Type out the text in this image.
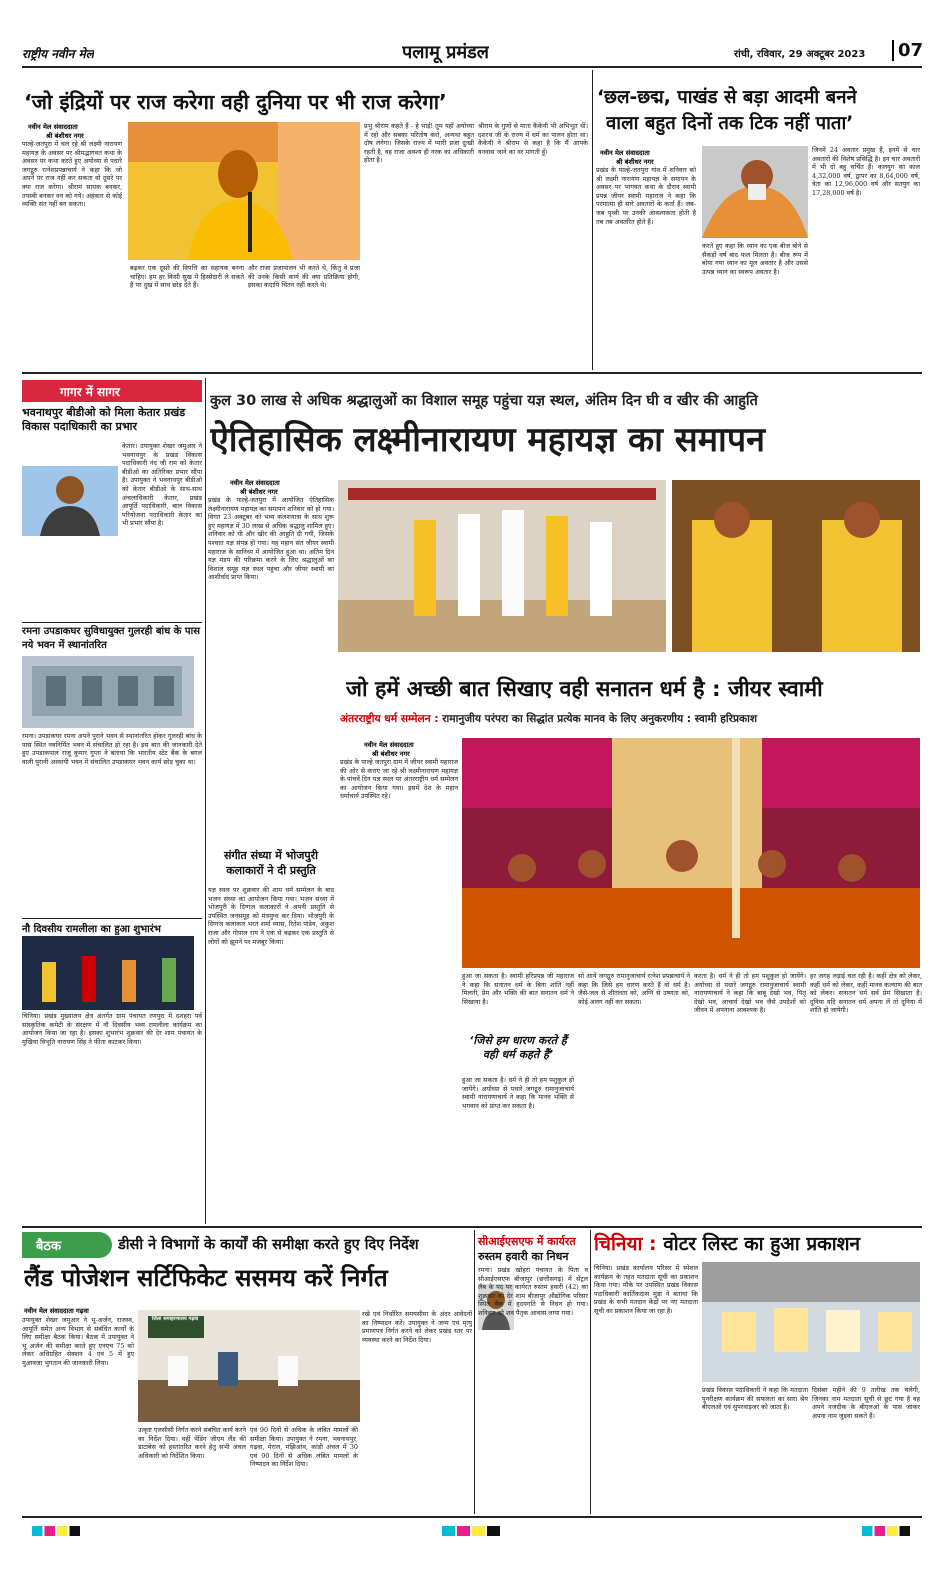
राष्ट्रीय नवीन मेल	पलामू प्रमंडल	रांची, रविवार, 29 अक्टूबर 2023	07
‘जो इंद्रियों पर राज करेगा वही दुनिया पर भी राज करेगा’
नवीन मेल संवाददाता
श्री बंशीधर नगर
पाल्हे-जतपुरा में चल रहे श्री लक्ष्मी नारायण महायज्ञ के अवसर पर श्रीमद्भागवत कथा के अवसर पर कथा करते हुए अयोध्या से पधारे जगद्गुरु रत्नेशप्रपन्नाचार्य ने कहा कि जो अपने पर राज नहीं कर सकता वो दूसरे पर क्या राज करेगा। श्रीराम साधक बनकर, तपस्वी बनकर वन को गये। अहंकार से कोई व्यक्ति संत नहीं बन सकता।
बढ़कर एक दूसरे की विपत्ति का सहायक बनना चाहिए। हम हर किसी सुख में हिस्सेदारी ले सकते हैं पर दुख में साथ छोड़ देते हैं।
और राजा प्रजापालन भी करते थे, किंतु वे प्रजा की उनके किसी कार्य की क्या प्रतिक्रिया होगी, इसका कदापि चिंतन नहीं करते थे।
प्रभु श्रीराम कहते हैं - हे भाई! तुम यहाँ अयोध्या में रहो और सबका परितोष करो, अन्यथा बहुत दोष लगेगा। जिसके राज्य में प्यारी प्रजा दुःखी रहती है, वह राजा अवश्य ही नरक का अधिकारी होता है।
श्रीराम के गुणों से माता कैकेयी भी अभिभूत थीं। दशरथ जी के राज्य में धर्म का पालन होता था। कैकेयी ने श्रीराम से कहा है कि मैं आपके वनवास जाने का वर मांगती हूँ।
‘छल-छद्म, पाखंड से बड़ा आदमी बनने
वाला बहुत दिनों तक टिक नहीं पाता’
नवीन मेल संवाददाता
श्री बंशीधर नगर
प्रखंड के पाल्हे-जतपुरा गांव में शनिवार को श्री लक्ष्मी नारायण महायज्ञ के समापन के अवसर पर भागवत कथा के दौरान स्वामी प्रपन्न जीयर स्वामी महाराज ने कहा कि परमात्मा ही सारे अवतारों के कर्ता हैं। जब-जब पृथ्वी पर उनकी आवश्यकता होती है तब तब अवतरित होते हैं।
करते हुए कहा कि ध्यान का एक बीज बोने से सैकड़ों वर्ष बाद फल मिलता है। बीज रूप में बोया गया ध्यान का मूल अवतार है और उससे उत्पन्न ध्यान का स्वरूप अवतार है।
जिनमें 24 अवतार प्रमुख हैं, इनमें से चार अवतारों की विशेष प्रसिद्धि है। इन चार अवतारों में भी दो बहु चर्चित हैं। कलयुग का काल 4,32,000 वर्ष, द्वापर का 8,64,000 वर्ष, त्रेता का 12,96,000 वर्ष और सतयुग का 17,28,000 वर्ष है।
गागर में सागर
भवनाथपुर बीडीओ को मिला केतार प्रखंड विकास पदाधिकारी का प्रभार
केतार। उपायुक्त शेखर जमुआर ने भवनाथपुर के प्रखंड विकास पदाधिकारी नंद जी राम को केतार बीडीओ का अतिरिक्त प्रभार सौंपा है। उपायुक्त ने भवनाथपुर बीडीओ को केतार बीडीओ के साथ-साथ अंचलाधिकारी केतार, प्रखंड आपूर्ति पदाधिकारी, बाल विकास परियोजना पदाधिकारी केतार का भी प्रभार सौंपा है।
रमना उपडाकघर सुविधायुक्त गुलरही बांध के पास नये भवन में स्थानांतरित
रमना। उपडाकघर रमना अपने पुराने भवन से स्थानांतरित होकर गुलरही बांध के पास स्थित नवनिर्मित भवन में संचालित हो रहा है। इस बात की जानकारी देते हुए उपडाकपाल राजू कुमार गुप्ता ने बताया कि भारतीय स्टेट बैंक के बगल वाली पुरानी अस्थायी भवन में संचालित उपडाकघर भवन कार्य छोड़ चुका था।
नौ दिवसीय रामलीला का हुआ शुभारंभ
चिनिया। प्रखंड मुख्यालय क्षेत्र अंतर्गत ग्राम पंचायत रणपुरा में दशहरा पर्व सांस्कृतिक कमेटी के संरक्षण में नौ दिवसीय भव्य रामलीला कार्यक्रम का आयोजन किया जा रहा है। इसका शुभारंभ शुक्रवार की देर शाम पंचायत के मुखिया विभूति नारायण सिंह ने फीता काटकर किया।
कुल 30 लाख से अधिक श्रद्धालुओं का विशाल समूह पहुंचा यज्ञ स्थल, अंतिम दिन घी व खीर की आहुति
ऐतिहासिक लक्ष्मीनारायण महायज्ञ का समापन
नवीन मेल संवाददाता
श्री बंशीधर नगर
प्रखंड के पाल्हे-जतपुरा में आयोजित ऐतिहासिक लक्ष्मीनारायण महायज्ञ का समापन शनिवार को हो गया। विगत 23 अक्टूबर को भव्य कलशयात्रा के साथ शुरू हुए महायज्ञ में 30 लाख से अधिक श्रद्धालु शामिल हुए। शनिवार को घी और खीर की आहुति दी गयी, जिसके पश्चात यज्ञ संपन्न हो गया। यह महान संत जीयर स्वामी महाराज के सानिध्य में आयोजित हुआ था। अंतिम दिन यज्ञ मंडप की परिक्रमा करने के लिए श्रद्धालुओं का विशाल समूह यज्ञ स्थल पहुंचा और जीयर स्वामी का आशीर्वाद प्राप्त किया।
संगीत संध्या में भोजपुरी कलाकारों ने दी प्रस्तुति
यज्ञ स्थल पर शुक्रवार की शाम धर्म सम्मेलन के बाद भजन संध्या का आयोजन किया गया। भजन संध्या में भोजपुरी के दिग्गज कलाकारों ने अपनी प्रस्तुति से उपस्थित जनसमूह को मंत्रमुग्ध कर दिया। भोजपुरी के दिग्गज कलाकार भरत शर्मा व्यास, रितेश पांडेय, अंकुश राजा और गोपाल राय ने एक से बढ़कर एक प्रस्तुति से लोगों को झूमने पर मजबूर किया।
जो हमें अच्छी बात सिखाए वही सनातन धर्म है : जीयर स्वामी
अंतरराष्ट्रीय धर्म सम्मेलन : रामानुजीय परंपरा का सिद्धांत प्रत्येक मानव के लिए अनुकरणीय : स्वामी हरिप्रकाश
नवीन मेल संवाददाता
श्री बंशीधर नगर
प्रखंड के पाल्हे जतपुरा ग्राम में जीयर स्वामी महाराज की ओर से कराए जा रहे श्री लक्ष्मीनारायण महायज्ञ के पांचवें दिन यज्ञ स्थल पर अंतरराष्ट्रीय धर्म सम्मेलन का आयोजन किया गया। इसमें देश के महान धर्माचार्य उपस्थित रहे।
हुआ जा सकता है। स्वामी हरिप्रपन्न जी महाराज ने कहा कि सनातन धर्म के बिना शांति नहीं मिलती, प्रेम और भक्ति की बात सनातन धर्म ने सिखाया है।
‘जिसे हम धारण करते हैं वही धर्म कहते हैं’
हुआ जा सकता है। धर्म ने ही तो हम पशुकुल हो जायेंगे। अयोध्या से पधारे जगद्गुरु रामानुजाचार्य स्वामी नारायणाचार्य ने कहा कि मानव भक्ति से भगवान को प्राप्त कर सकता है।
सो आयें जगद्गुरु रामानुजाचार्य रत्नेश प्रपन्नाचार्य ने कहा कि जिसे हम धारण करते हैं वो धर्म है। जैसे-जल से शीतलता को, अग्नि से उष्णता को, कोई अलग नहीं कर सकता।
करता है। धर्म ने ही तो हम पशुकुल हो जायेंगे। अयोध्या से पधारे जगद्गुरु रामानुजाचार्य स्वामी नारायणाचार्य ने कहा कि बाबू देखो भव, पितृ देखो भव, आचार्य देखो भव जैसे उपदेशों को जीवन में अपनाना आवश्यक है।
हर जगह लड़ाई चल रही है। कहीं क्षेत्र को लेकर, कहीं धर्म को लेकर, कहीं मानव कल्याण की बात को लेकर। सनातन धर्म सर्व प्रेम सिखाता है। दुनिया यदि सनातन धर्म अपना लें तो दुनिया में शांति हो जायेगी।
बैठक	डीसी ने विभागों के कार्यों की समीक्षा करते हुए दिए निर्देश
लैंड पोजेशन सर्टिफिकेट ससमय करें निर्गत
नवीन मेल संवाददाता गढ़वा
उपायुक्त शेखर जमुआर ने भू-अर्जन, राजस्व, आपूर्ति समेत अन्य विभाग से संबंधित कार्यों के लिए समीक्षा बैठक किया। बैठक में उपायुक्त ने भू अर्जन की समीक्षा करते हुए एनएच 75 को लेकर अधिग्रहित सेक्शन 4 एवं 5 में हुए मुआवजा भुगतान की जानकारी लिया।
जिला समाहरणालय गढ़वा
उत्कृष्ट एलसीसी निर्गत करने संबंधित कार्य करने का निर्देश दिया। वहीं पेंडिंग जीएम लैंड की डाटाबेस को हस्तांतरित करने हेतु सभी अंचल अधिकारी को निर्देशित किया।
एवं 90 दिनों से अधिक के लंबित मामलों की समीक्षा किया। उपायुक्त ने रमना, भवनाथपुर, गढ़वा, मेराल, मंझिआंव, कांडी अंचल में 30 एवं 90 दिनों से अधिक लंबित मामलों के निष्पादन का निर्देश दिया।
रखे एवं निर्धारित समयसीमा के अंदर आवेदनों का निष्पादन करें। उपायुक्त ने जन्म एवं मृत्यु प्रमाणपत्र निर्गत करने को लेकर प्रखंड स्तर पर व्यवस्था करने का निर्देश दिया।
सीआईएसएफ में कार्यरत
रुस्तम हवारी का निधन
रमना। प्रखंड खोहरा पंचायत के पिता व सीआईएसएफ बीजापुर (छत्तीसगढ़) में सेंट्रल लैब के पद पर कार्यरत रुस्तम हवारी (42) का शुक्रवार को देर शाम बीजापुर औद्योगिक परिसर स्थित बैंक में हृदयगति से निधन हो गया। शनिवार को शव पैतृक आवास लाया गया।
चिनिया : वोटर लिस्ट का हुआ प्रकाशन
चिनिया। प्रखंड कार्यालय परिसर में स्पेशल कार्यक्रम के तहत मतदाता सूची का प्रकाशन किया गया। मौके पर उपस्थित प्रखंड विकास पदाधिकारी कार्तिकदास मुंडा ने बताया कि प्रखंड के सभी मतदान केंद्रों पर नए मतदाता सूची का प्रकाशन किया जा रहा है।
प्रखंड विकास पदाधिकारी ने कहा कि मतदाता पुनरीक्षण कार्यक्रम की सफलता का सारा श्रेय बीएलओ एवं सुपरवाइजर को जाता है।
दिसंबर महीने की 9 तारीख तक चलेगी, जिनका नाम मतदाता सूची से छूट गया है वह अपने नजदीक के बीएलओ के पास जाकर अपना नाम जुड़वा सकते हैं।
